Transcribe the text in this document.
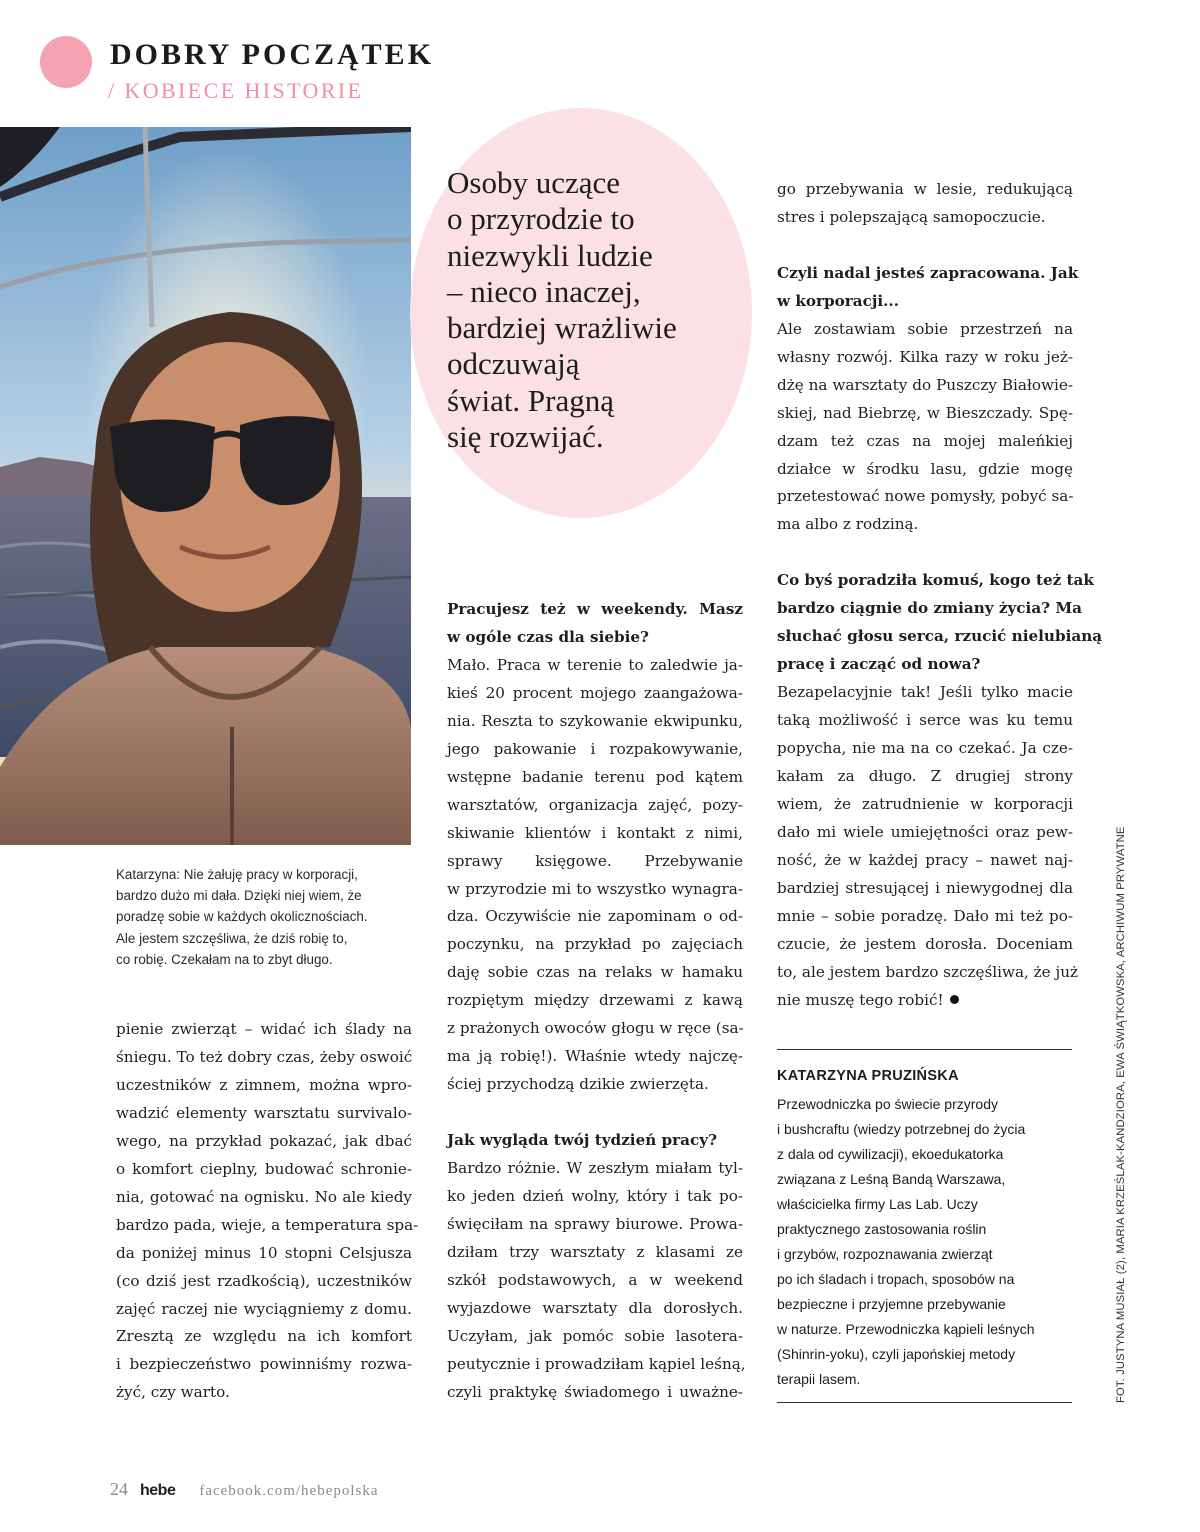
DOBRY POCZĄTEK
/ KOBIECE HISTORIE
Osoby uczące
o przyrodzie to
niezwykli ludzie
– nieco inaczej,
bardziej wrażliwie
odczuwają
świat. Pragną
się rozwijać.
Katarzyna: Nie żałuję pracy w korporacji,
bardzo dużo mi dała. Dzięki niej wiem, że
poradzę sobie w każdych okolicznościach.
Ale jestem szczęśliwa, że dziś robię to,
co robię. Czekałam na to zbyt długo.
pienie zwierząt – widać ich ślady na
śniegu. To też dobry czas, żeby oswoić
uczestników z zimnem, można wpro-
wadzić elementy warsztatu survivalo-
wego, na przykład pokazać, jak dbać
o komfort cieplny, budować schronie-
nia, gotować na ognisku. No ale kiedy
bardzo pada, wieje, a temperatura spa-
da poniżej minus 10 stopni Celsjusza
(co dziś jest rzadkością), uczestników
zajęć raczej nie wyciągniemy z domu.
Zresztą ze względu na ich komfort
i bezpieczeństwo powinniśmy rozwa-
żyć, czy warto.
Pracujesz też w weekendy. Masz
w ogóle czas dla siebie?
Mało. Praca w terenie to zaledwie ja-
kieś 20 procent mojego zaangażowa-
nia. Reszta to szykowanie ekwipunku,
jego pakowanie i rozpakowywanie,
wstępne badanie terenu pod kątem
warsztatów, organizacja zajęć, pozy-
skiwanie klientów i kontakt z nimi,
sprawy księgowe. Przebywanie
w przyrodzie mi to wszystko wynagra-
dza. Oczywiście nie zapominam o od-
poczynku, na przykład po zajęciach
daję sobie czas na relaks w hamaku
rozpiętym między drzewami z kawą
z prażonych owoców głogu w ręce (sa-
ma ją robię!). Właśnie wtedy najczę-
ściej przychodzą dzikie zwierzęta.
Jak wygląda twój tydzień pracy?
Bardzo różnie. W zeszłym miałam tyl-
ko jeden dzień wolny, który i tak po-
święciłam na sprawy biurowe. Prowa-
dziłam trzy warsztaty z klasami ze
szkół podstawowych, a w weekend
wyjazdowe warsztaty dla dorosłych.
Uczyłam, jak pomóc sobie lasotera-
peutycznie i prowadziłam kąpiel leśną,
czyli praktykę świadomego i uważne-
go przebywania w lesie, redukującą
stres i polepszającą samopoczucie.
Czyli nadal jesteś zapracowana. Jak
w korporacji...
Ale zostawiam sobie przestrzeń na
własny rozwój. Kilka razy w roku jeż-
dżę na warsztaty do Puszczy Białowie-
skiej, nad Biebrzę, w Bieszczady. Spę-
dzam też czas na mojej maleńkiej
działce w środku lasu, gdzie mogę
przetestować nowe pomysły, pobyć sa-
ma albo z rodziną.
Co byś poradziła komuś, kogo też tak
bardzo ciągnie do zmiany życia? Ma
słuchać głosu serca, rzucić nielubianą
pracę i zacząć od nowa?
Bezapelacyjnie tak! Jeśli tylko macie
taką możliwość i serce was ku temu
popycha, nie ma na co czekać. Ja cze-
kałam za długo. Z drugiej strony
wiem, że zatrudnienie w korporacji
dało mi wiele umiejętności oraz pew-
ność, że w każdej pracy – nawet naj-
bardziej stresującej i niewygodnej dla
mnie – sobie poradzę. Dało mi też po-
czucie, że jestem dorosła. Doceniam
to, ale jestem bardzo szczęśliwa, że już
nie muszę tego robić!
KATARZYNA PRUZIŃSKA
Przewodniczka po świecie przyrody
i bushcraftu (wiedzy potrzebnej do życia
z dala od cywilizacji), ekoedukatorka
związana z Leśną Bandą Warszawa,
właścicielka firmy Las Lab. Uczy
praktycznego zastosowania roślin
i grzybów, rozpoznawania zwierząt
po ich śladach i tropach, sposobów na
bezpieczne i przyjemne przebywanie
w naturze. Przewodniczka kąpieli leśnych
(Shinrin-yoku), czyli japońskiej metody
terapii lasem.	FOT. JUSTYNA MUSIAŁ (2), MARIA KRZEŚLAK-KANDZIORA, EWA ŚWIĄTKOWSKA, ARCHIWUM PRYWATNE
24 hebe facebook.com/hebepolska
